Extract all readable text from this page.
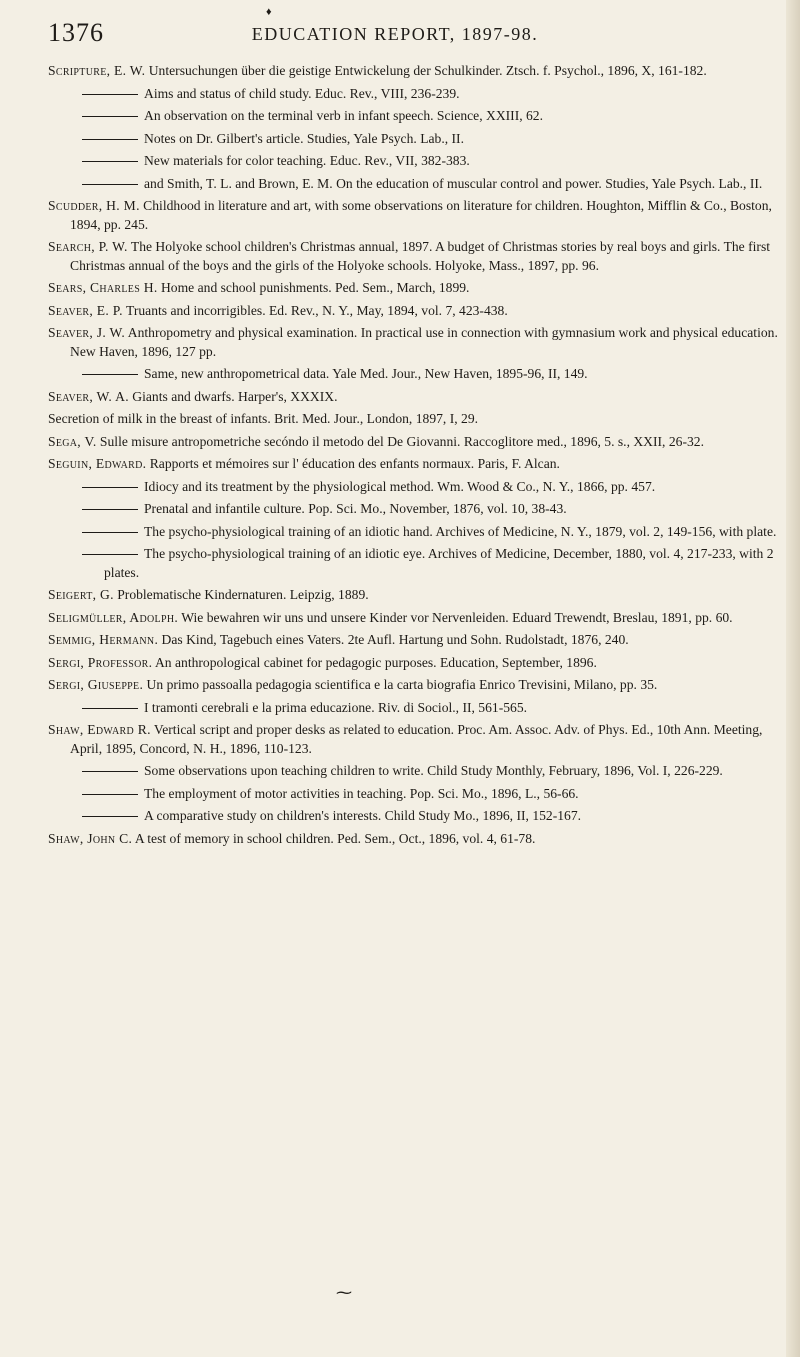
♦
1376	EDUCATION REPORT, 1897-98.
Scripture, E. W. Untersuchungen über die geistige Entwickelung der Schulkinder. Ztsch. f. Psychol., 1896, X, 161-182.
Aims and status of child study. Educ. Rev., VIII, 236-239.
An observation on the terminal verb in infant speech. Science, XXIII, 62.
Notes on Dr. Gilbert's article. Studies, Yale Psych. Lab., II.
New materials for color teaching. Educ. Rev., VII, 382-383.
and Smith, T. L. and Brown, E. M. On the education of muscular control and power. Studies, Yale Psych. Lab., II.
Scudder, H. M. Childhood in literature and art, with some observations on literature for children. Houghton, Mifflin & Co., Boston, 1894, pp. 245.
Search, P. W. The Holyoke school children's Christmas annual, 1897. A budget of Christmas stories by real boys and girls. The first Christmas annual of the boys and the girls of the Holyoke schools. Holyoke, Mass., 1897, pp. 96.
Sears, Charles H. Home and school punishments. Ped. Sem., March, 1899.
Seaver, E. P. Truants and incorrigibles. Ed. Rev., N. Y., May, 1894, vol. 7, 423-438.
Seaver, J. W. Anthropometry and physical examination. In practical use in connection with gymnasium work and physical education. New Haven, 1896, 127 pp.
Same, new anthropometrical data. Yale Med. Jour., New Haven, 1895-96, II, 149.
Seaver, W. A. Giants and dwarfs. Harper's, XXXIX.
Secretion of milk in the breast of infants. Brit. Med. Jour., London, 1897, I, 29.
Sega, V. Sulle misure antropometriche secóndo il metodo del De Giovanni. Raccoglitore med., 1896, 5. s., XXII, 26-32.
Seguin, Edward. Rapports et mémoires sur l' éducation des enfants normaux. Paris, F. Alcan.
Idiocy and its treatment by the physiological method. Wm. Wood & Co., N. Y., 1866, pp. 457.
Prenatal and infantile culture. Pop. Sci. Mo., November, 1876, vol. 10, 38-43.
The psycho-physiological training of an idiotic hand. Archives of Medicine, N. Y., 1879, vol. 2, 149-156, with plate.
The psycho-physiological training of an idiotic eye. Archives of Medicine, December, 1880, vol. 4, 217-233, with 2 plates.
Seigert, G. Problematische Kindernaturen. Leipzig, 1889.
Seligmüller, Adolph. Wie bewahren wir uns und unsere Kinder vor Nervenleiden. Eduard Trewendt, Breslau, 1891, pp. 60.
Semmig, Hermann. Das Kind, Tagebuch eines Vaters. 2te Aufl. Hartung und Sohn. Rudolstadt, 1876, 240.
Sergi, Professor. An anthropological cabinet for pedagogic purposes. Education, September, 1896.
Sergi, Giuseppe. Un primo passoalla pedagogia scientifica e la carta biografia Enrico Trevisini, Milano, pp. 35.
I tramonti cerebrali e la prima educazione. Riv. di Sociol., II, 561-565.
Shaw, Edward R. Vertical script and proper desks as related to education. Proc. Am. Assoc. Adv. of Phys. Ed., 10th Ann. Meeting, April, 1895, Concord, N. H., 1896, 110-123.
Some observations upon teaching children to write. Child Study Monthly, February, 1896, Vol. I, 226-229.
The employment of motor activities in teaching. Pop. Sci. Mo., 1896, L., 56-66.
A comparative study on children's interests. Child Study Mo., 1896, II, 152-167.
Shaw, John C. A test of memory in school children. Ped. Sem., Oct., 1896, vol. 4, 61-78.
⁓
